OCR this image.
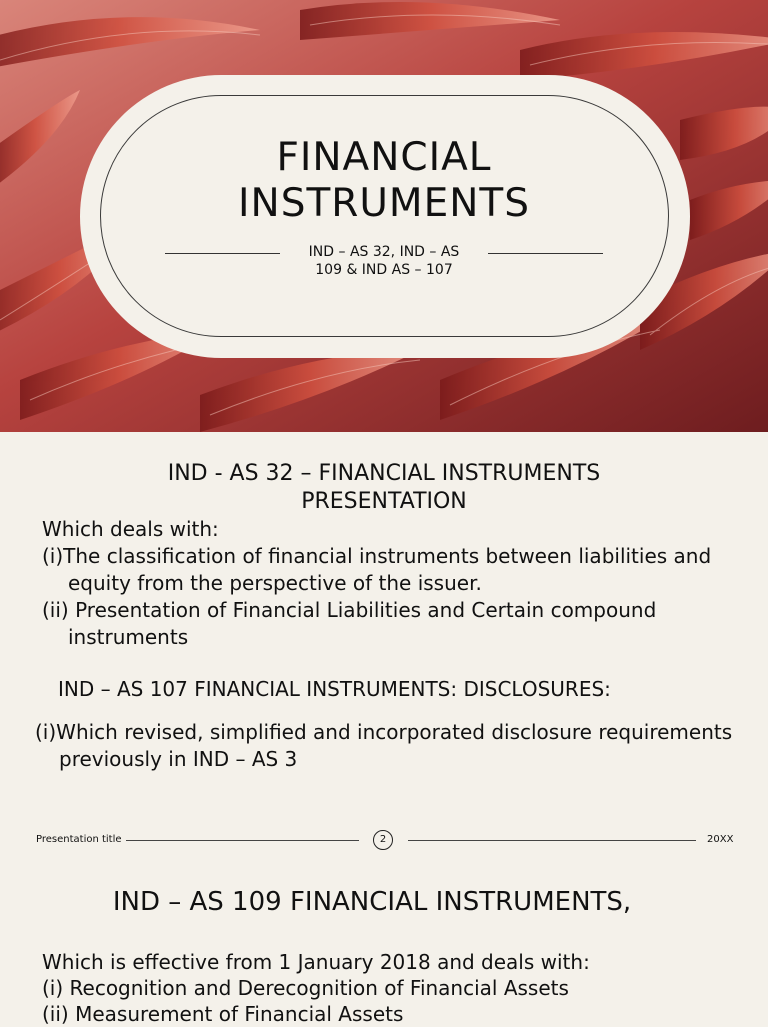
FINANCIAL
INSTRUMENTS
IND – AS 32, IND – AS
109 & IND AS – 107
IND - AS 32 – FINANCIAL INSTRUMENTS
PRESENTATION

Which deals with:

(i)The classification of financial instruments between liabilities and equity from the perspective of the issuer.

(ii) Presentation of Financial Liabilities and Certain compound instruments

IND – AS 107 FINANCIAL INSTRUMENTS: DISCLOSURES:

(i)Which revised, simplified and incorporated disclosure requirements previously in IND – AS 3

Presentation title	2	20XX
IND – AS 109 FINANCIAL INSTRUMENTS,

Which is effective from 1 January 2018 and deals with:

(i) Recognition and Derecognition of Financial Assets

(ii) Measurement of Financial Assets
